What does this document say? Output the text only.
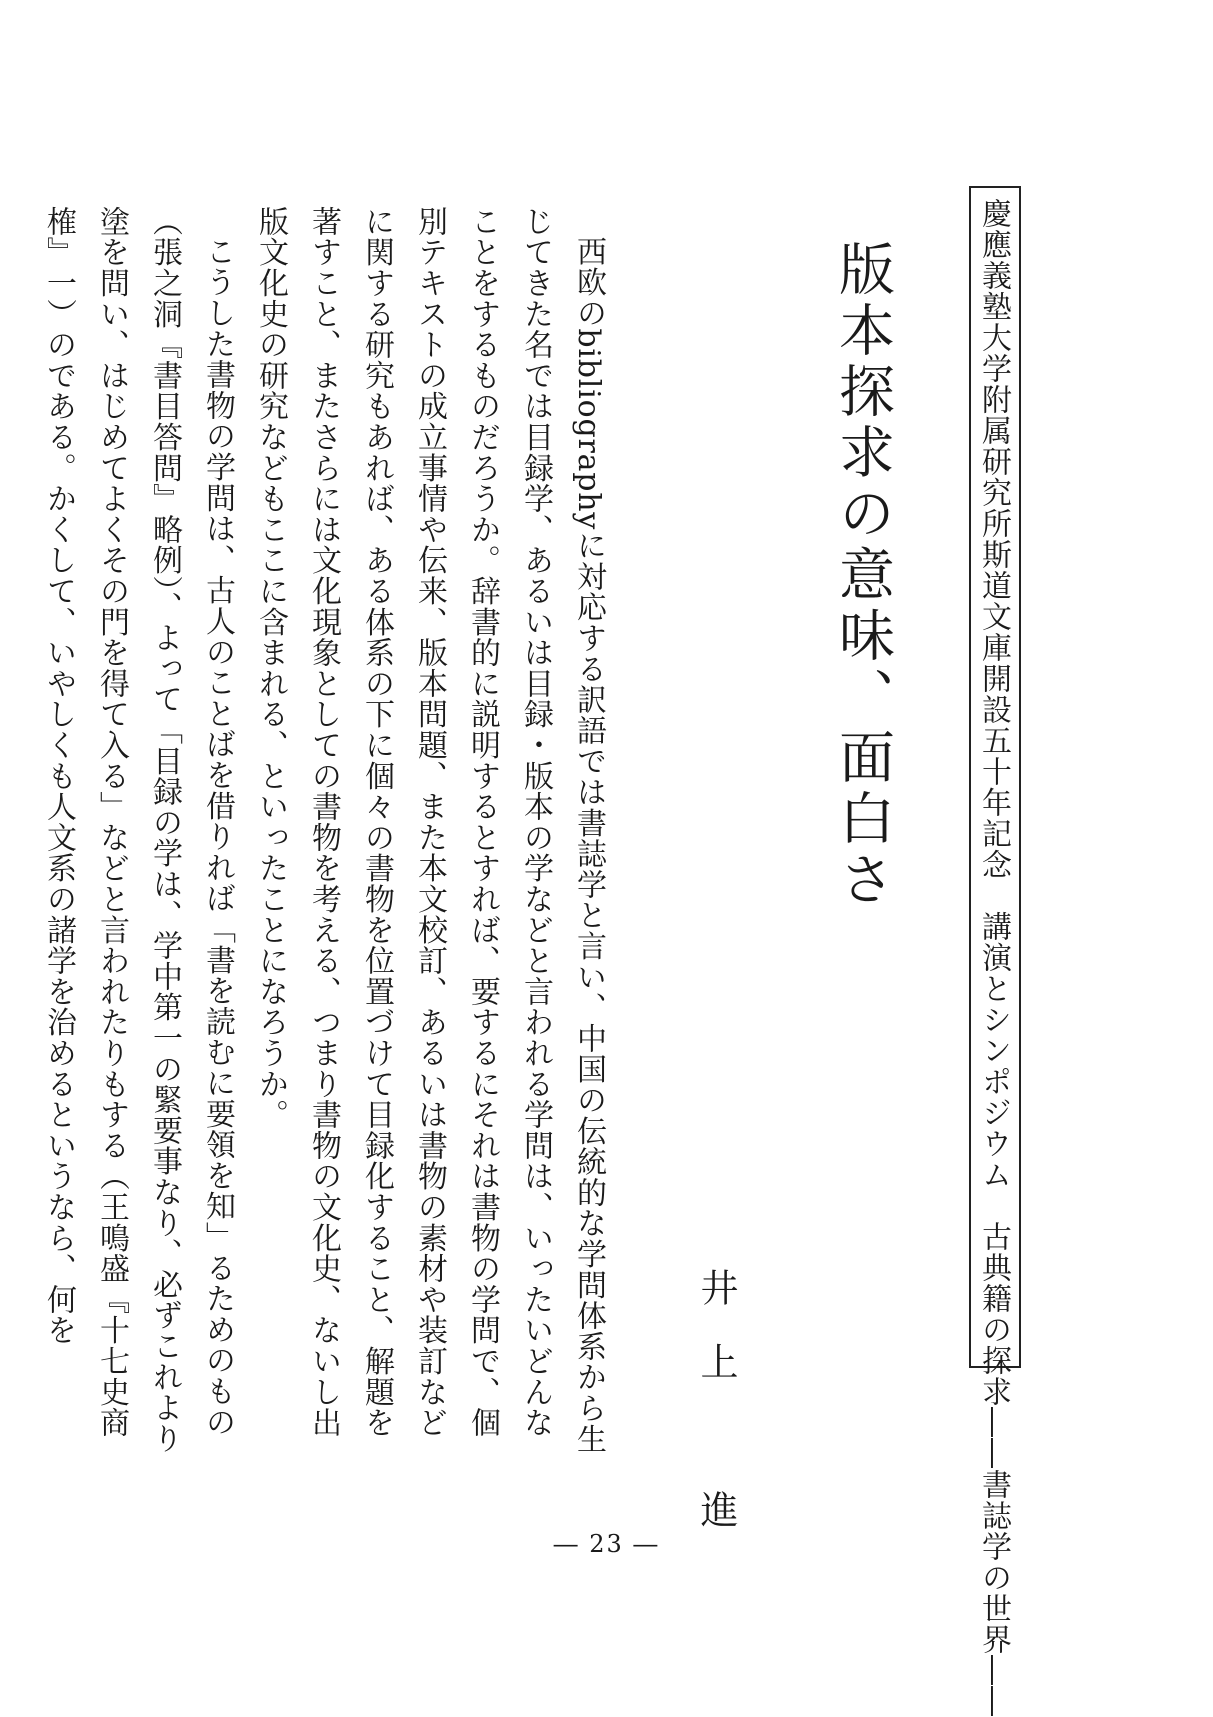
慶應義塾大学附属研究所斯道文庫開設五十年記念　講演とシンポジウム　古典籍の探求――書誌学の世界――
版本探求の意味、面白さ
井上　進

西欧のbibliographyに対応する訳語では書誌学と言い、中国の伝統的な学問体系から生じてきた名では目録学、あるいは目録・版本の学などと言われる学問は、いったいどんなことをするものだろうか。辞書的に説明するとすれば、要するにそれは書物の学問で、個別テキストの成立事情や伝来、版本問題、また本文校訂、あるいは書物の素材や装訂などに関する研究もあれば、ある体系の下に個々の書物を位置づけて目録化すること、解題を著すこと、またさらには文化現象としての書物を考える、つまり書物の文化史、ないし出版文化史の研究などもここに含まれる、といったことになろうか。

こうした書物の学問は、古人のことばを借りれば「書を読むに要領を知」るためのもの（張之洞『書目答問』略例）、よって「目録の学は、学中第一の緊要事なり、必ずこれより塗を問い、はじめてよくその門を得て入る」などと言われたりもする（王鳴盛『十七史商榷』一）のである。かくして、いやしくも人文系の諸学を治めるというなら、何を

― 23 ―
